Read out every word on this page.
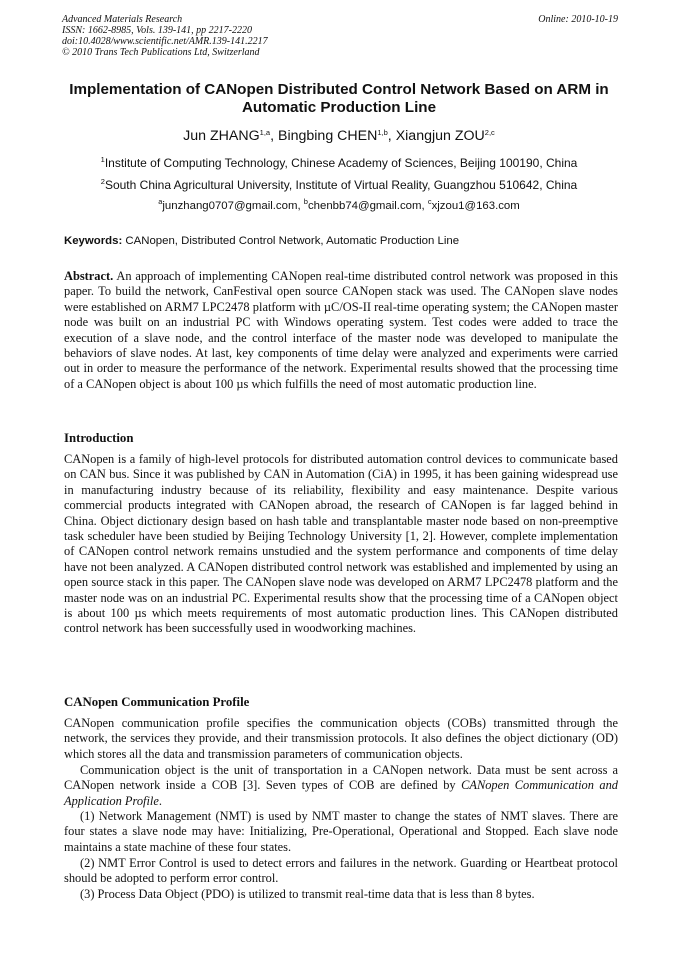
Advanced Materials Research
ISSN: 1662-8985, Vols. 139-141, pp 2217-2220
doi:10.4028/www.scientific.net/AMR.139-141.2217
© 2010 Trans Tech Publications Ltd, Switzerland
Online: 2010-10-19
Implementation of CANopen Distributed Control Network Based on ARM in Automatic Production Line
Jun ZHANG$^{1,a}$, Bingbing CHEN$^{1,b}$, Xiangjun ZOU$^{2,c}$
$^1$Institute of Computing Technology, Chinese Academy of Sciences, Beijing 100190, China
$^2$South China Agricultural University, Institute of Virtual Reality, Guangzhou 510642, China
$^a$junzhang0707@gmail.com, $^b$chenbb74@gmail.com, $^c$xjzou1@163.com
Keywords: CANopen, Distributed Control Network, Automatic Production Line
Abstract. An approach of implementing CANopen real-time distributed control network was proposed in this paper. To build the network, CanFestival open source CANopen stack was used. The CANopen slave nodes were established on ARM7 LPC2478 platform with µC/OS-II real-time operating system; the CANopen master node was built on an industrial PC with Windows operating system. Test codes were added to trace the execution of a slave node, and the control interface of the master node was developed to manipulate the behaviors of slave nodes. At last, key components of time delay were analyzed and experiments were carried out in order to measure the performance of the network. Experimental results showed that the processing time of a CANopen object is about 100 µs which fulfills the need of most automatic production line.
Introduction
CANopen is a family of high-level protocols for distributed automation control devices to communicate based on CAN bus. Since it was published by CAN in Automation (CiA) in 1995, it has been gaining widespread use in manufacturing industry because of its reliability, flexibility and easy maintenance. Despite various commercial products integrated with CANopen abroad, the research of CANopen is far lagged behind in China. Object dictionary design based on hash table and transplantable master node based on non-preemptive task scheduler have been studied by Beijing Technology University [1, 2]. However, complete implementation of CANopen control network remains unstudied and the system performance and components of time delay have not been analyzed. A CANopen distributed control network was established and implemented by using an open source stack in this paper. The CANopen slave node was developed on ARM7 LPC2478 platform and the master node was on an industrial PC. Experimental results show that the processing time of a CANopen object is about 100 µs which meets requirements of most automatic production lines. This CANopen distributed control network has been successfully used in woodworking machines.
CANopen Communication Profile
CANopen communication profile specifies the communication objects (COBs) transmitted through the network, the services they provide, and their transmission protocols. It also defines the object dictionary (OD) which stores all the data and transmission parameters of communication objects.
Communication object is the unit of transportation in a CANopen network. Data must be sent across a CANopen network inside a COB [3]. Seven types of COB are defined by CANopen Communication and Application Profile.
(1) Network Management (NMT) is used by NMT master to change the states of NMT slaves. There are four states a slave node may have: Initializing, Pre-Operational, Operational and Stopped. Each slave node maintains a state machine of these four states.
(2) NMT Error Control is used to detect errors and failures in the network. Guarding or Heartbeat protocol should be adopted to perform error control.
(3) Process Data Object (PDO) is utilized to transmit real-time data that is less than 8 bytes.
